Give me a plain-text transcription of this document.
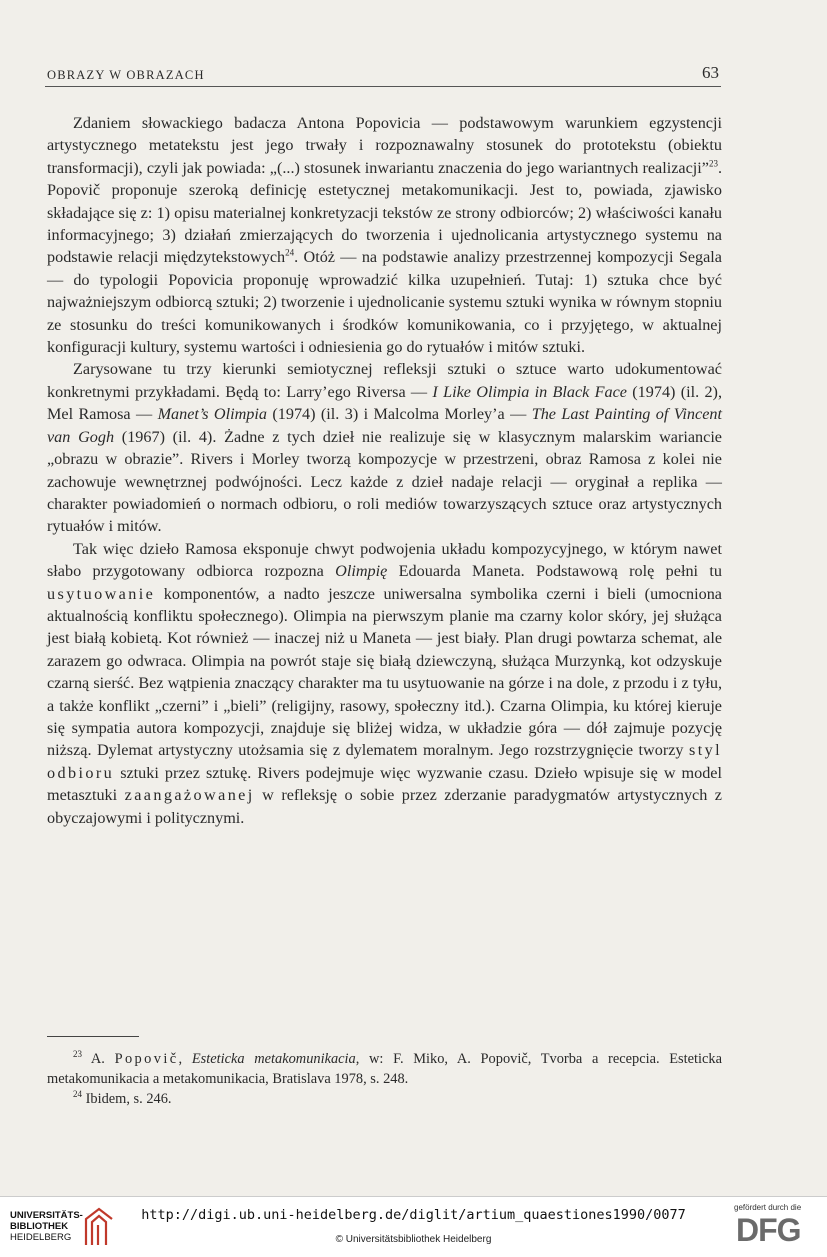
OBRAZY W OBRAZACH	63

Zdaniem słowackiego badacza Antona Popovicia — podstawowym warunkiem egzystencji artystycznego metatekstu jest jego trwały i rozpoznawalny stosunek do prototekstu (obiektu transformacji), czyli jak powiada: „(...) stosunek inwariantu znaczenia do jego wariantnych realizacji”$^{23}$. Popovič proponuje szeroką definicję estetycznej metakomunikacji. Jest to, powiada, zjawisko składające się z: 1) opisu materialnej konkretyzacji tekstów ze strony odbiorców; 2) właściwości kanału informacyjnego; 3) działań zmierzających do tworzenia i ujednolicania artystycznego systemu na podstawie relacji międzytekstowych$^{24}$. Otóż — na podstawie analizy przestrzennej kompozycji Segala — do typologii Popovicia proponuję wprowadzić kilka uzupełnień. Tutaj: 1) sztuka chce być najważniejszym odbiorcą sztuki; 2) tworzenie i ujednolicanie systemu sztuki wynika w równym stopniu ze stosunku do treści komunikowanych i środków komunikowania, co i przyjętego, w aktualnej konfiguracji kultury, systemu wartości i odniesienia go do rytuałów i mitów sztuki.

Zarysowane tu trzy kierunki semiotycznej refleksji sztuki o sztuce warto udokumentować konkretnymi przykładami. Będą to: Larry’ego Riversa — I Like Olimpia in Black Face (1974) (il. 2), Mel Ramosa — Manet’s Olimpia (1974) (il. 3) i Malcolma Morley’a — The Last Painting of Vincent van Gogh (1967) (il. 4). Żadne z tych dzieł nie realizuje się w klasycznym malarskim wariancie „obrazu w obrazie”. Rivers i Morley tworzą kompozycje w przestrzeni, obraz Ramosa z kolei nie zachowuje wewnętrznej podwójności. Lecz każde z dzieł nadaje relacji — oryginał a replika — charakter powiadomień o normach odbioru, o roli mediów towarzyszących sztuce oraz artystycznych rytuałów i mitów.

Tak więc dzieło Ramosa eksponuje chwyt podwojenia układu kompozycyjnego, w którym nawet słabo przygotowany odbiorca rozpozna Olimpię Edouarda Maneta. Podstawową rolę pełni tu usytuowanie komponentów, a nadto jeszcze uniwersalna symbolika czerni i bieli (umocniona aktualnością konfliktu społecznego). Olimpia na pierwszym planie ma czarny kolor skóry, jej służąca jest białą kobietą. Kot również — inaczej niż u Maneta — jest biały. Plan drugi powtarza schemat, ale zarazem go odwraca. Olimpia na powrót staje się białą dziewczyną, służąca Murzynką, kot odzyskuje czarną sierść. Bez wątpienia znaczący charakter ma tu usytuowanie na górze i na dole, z przodu i z tyłu, a także konflikt „czerni” i „bieli” (religijny, rasowy, społeczny itd.). Czarna Olimpia, ku której kieruje się sympatia autora kompozycji, znajduje się bliżej widza, w układzie góra — dół zajmuje pozycję niższą. Dylemat artystyczny utożsamia się z dylematem moralnym. Jego rozstrzygnięcie tworzy styl odbioru sztuki przez sztukę. Rivers podejmuje więc wyzwanie czasu. Dzieło wpisuje się w model metasztuki zaangażowanej w refleksję o sobie przez zderzanie paradygmatów artystycznych z obyczajowymi i politycznymi.

$^{23}$ A. Popovič, Esteticka metakomunikacia, w: F. Miko, A. Popovič, Tvorba a recepcia. Esteticka metakomunikacia a metakomunikacia, Bratislava 1978, s. 248.

$^{24}$ Ibidem, s. 246.

UNIVERSITÄTS-
BIBLIOTHEK
HEIDELBERG
http://digi.ub.uni-heidelberg.de/diglit/artium_quaestiones1990/0077
© Universitätsbibliothek Heidelberg
gefördert durch die
DFG
